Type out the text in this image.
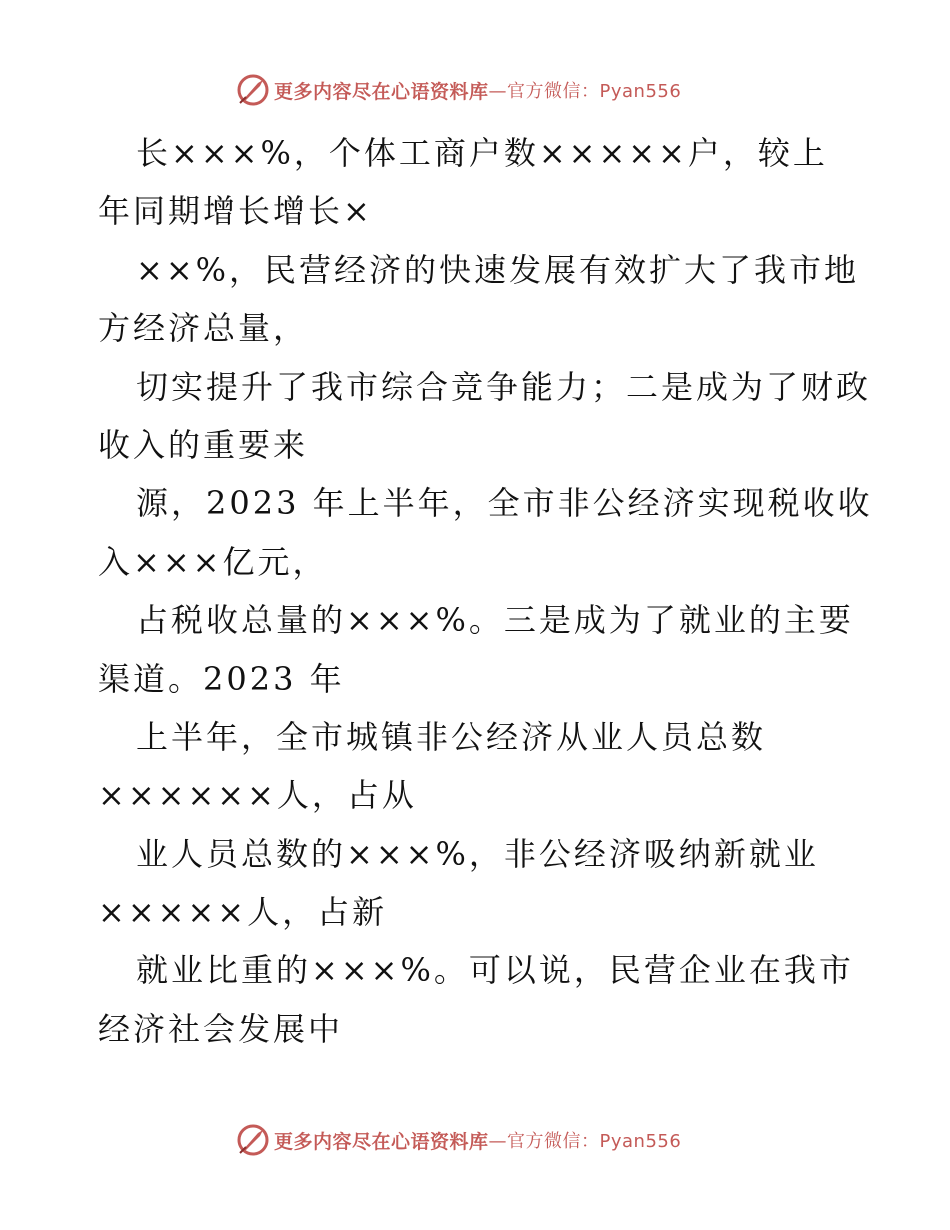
更多内容尽在心语资料库 —官方微信：Pyan556
长×××%，个体工商户数×××××户，较上
年同期增长增长×
××%，民营经济的快速发展有效扩大了我市地
方经济总量，
切实提升了我市综合竞争能力；二是成为了财政
收入的重要来
源，2023 年上半年，全市非公经济实现税收收
入×××亿元，
占税收总量的×××%。三是成为了就业的主要
渠道。2023 年
上半年，全市城镇非公经济从业人员总数
××××××人，占从
业人员总数的×××%，非公经济吸纳新就业
×××××人，占新
就业比重的×××%。可以说，民营企业在我市
经济社会发展中
更多内容尽在心语资料库 —官方微信：Pyan556
